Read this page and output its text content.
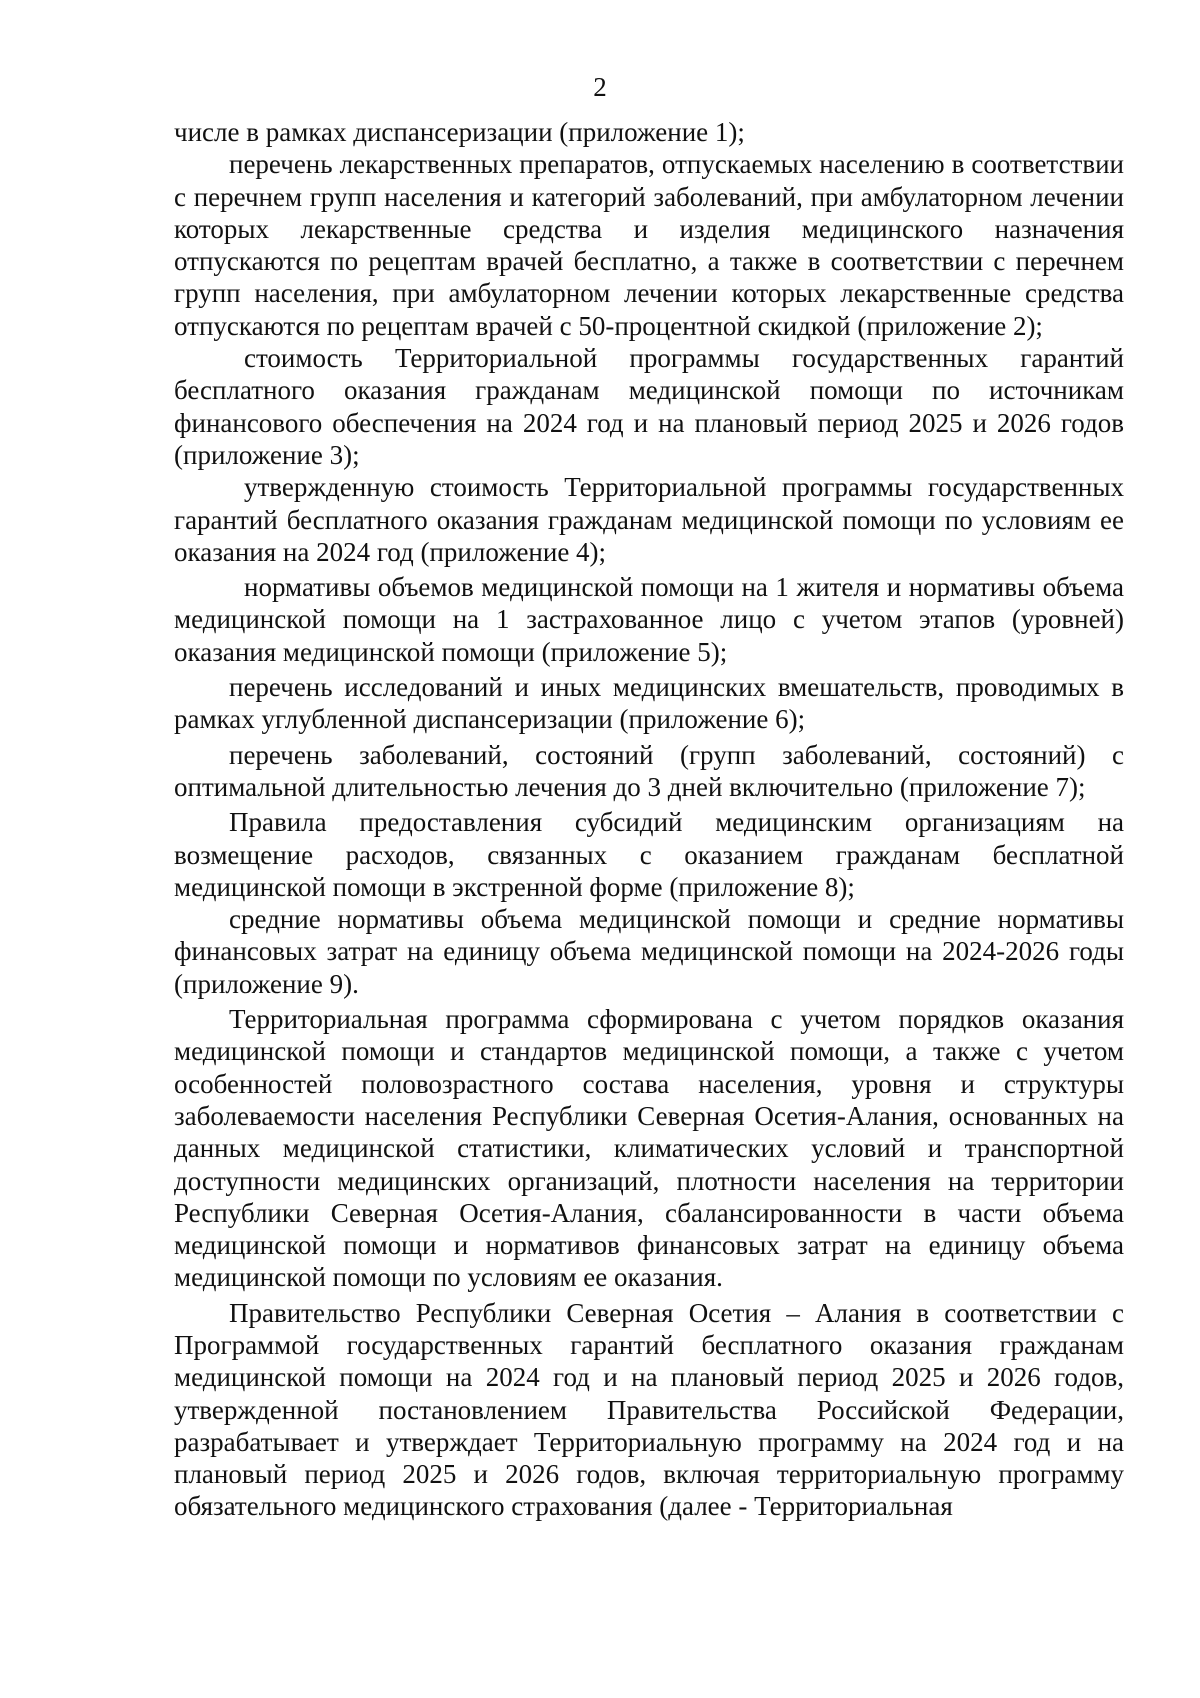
2

числе в рамках диспансеризации (приложение 1);

перечень лекарственных препаратов, отпускаемых населению в соответствии с перечнем групп населения и категорий заболеваний, при амбулаторном лечении которых лекарственные средства и изделия медицинского назначения отпускаются по рецептам врачей бесплатно, а также в соответствии с перечнем групп населения, при амбулаторном лечении которых лекарственные средства отпускаются по рецептам врачей с 50-процентной скидкой (приложение 2);

стоимость Территориальной программы государственных гарантий бесплатного оказания гражданам медицинской помощи по источникам финансового обеспечения на 2024 год и на плановый период 2025 и 2026 годов (приложение 3);

утвержденную стоимость Территориальной программы государственных гарантий бесплатного оказания гражданам медицинской помощи по условиям ее оказания на 2024 год (приложение 4);

нормативы объемов медицинской помощи на 1 жителя и нормативы объема медицинской помощи на 1 застрахованное лицо с учетом этапов (уровней) оказания медицинской помощи (приложение 5);

перечень исследований и иных медицинских вмешательств, проводимых в рамках углубленной диспансеризации (приложение 6);

перечень заболеваний, состояний (групп заболеваний, состояний) с оптимальной длительностью лечения до 3 дней включительно (приложение 7);

Правила предоставления субсидий медицинским организациям на возмещение расходов, связанных с оказанием гражданам бесплатной медицинской помощи в экстренной форме (приложение 8);

средние нормативы объема медицинской помощи и средние нормативы финансовых затрат на единицу объема медицинской помощи на 2024-2026 годы (приложение 9).

Территориальная программа сформирована с учетом порядков оказания медицинской помощи и стандартов медицинской помощи, а также с учетом особенностей половозрастного состава населения, уровня и структуры заболеваемости населения Республики Северная Осетия-Алания, основанных на данных медицинской статистики, климатических условий и транспортной доступности медицинских организаций, плотности населения на территории Республики Северная Осетия-Алания, сбалансированности в части объема медицинской помощи и нормативов финансовых затрат на единицу объема медицинской помощи по условиям ее оказания.

Правительство Республики Северная Осетия – Алания в соответствии с Программой государственных гарантий бесплатного оказания гражданам медицинской помощи на 2024 год и на плановый период 2025 и 2026 годов, утвержденной постановлением Правительства Российской Федерации, разрабатывает и утверждает Территориальную программу на 2024 год и на плановый период 2025 и 2026 годов, включая территориальную программу обязательного медицинского страхования (далее - Территориальная
